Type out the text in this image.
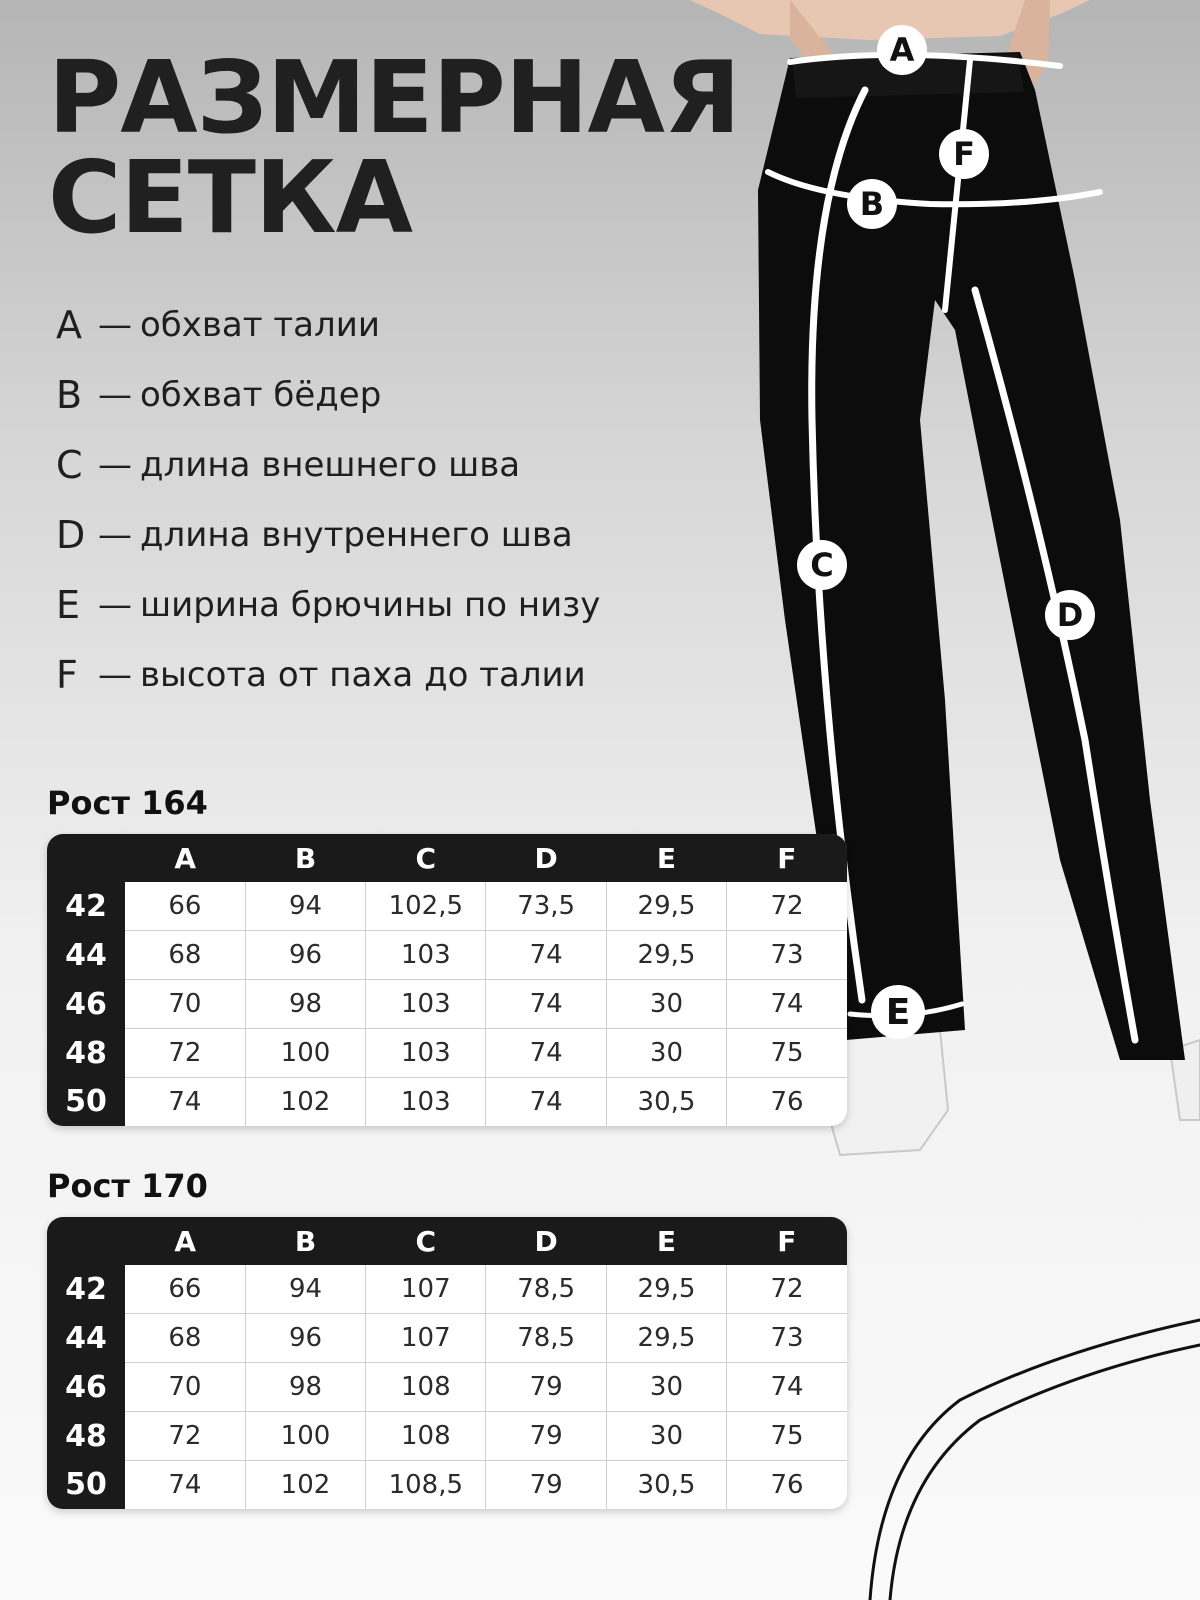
A
B
C
D
E
F
РАЗМЕРНАЯ
СЕТКА
A — обхват талии
B — обхват бёдер
C — длина внешнего шва
D — длина внутреннего шва
E — ширина брючины по низу
F — высота от паха до талии
Рост 164
	A	B	C	D	E	F
42	66	94	102,5	73,5	29,5	72
44	68	96	103	74	29,5	73
46	70	98	103	74	30	74
48	72	100	103	74	30	75
50	74	102	103	74	30,5	76
Рост 170
	A	B	C	D	E	F
42	66	94	107	78,5	29,5	72
44	68	96	107	78,5	29,5	73
46	70	98	108	79	30	74
48	72	100	108	79	30	75
50	74	102	108,5	79	30,5	76
